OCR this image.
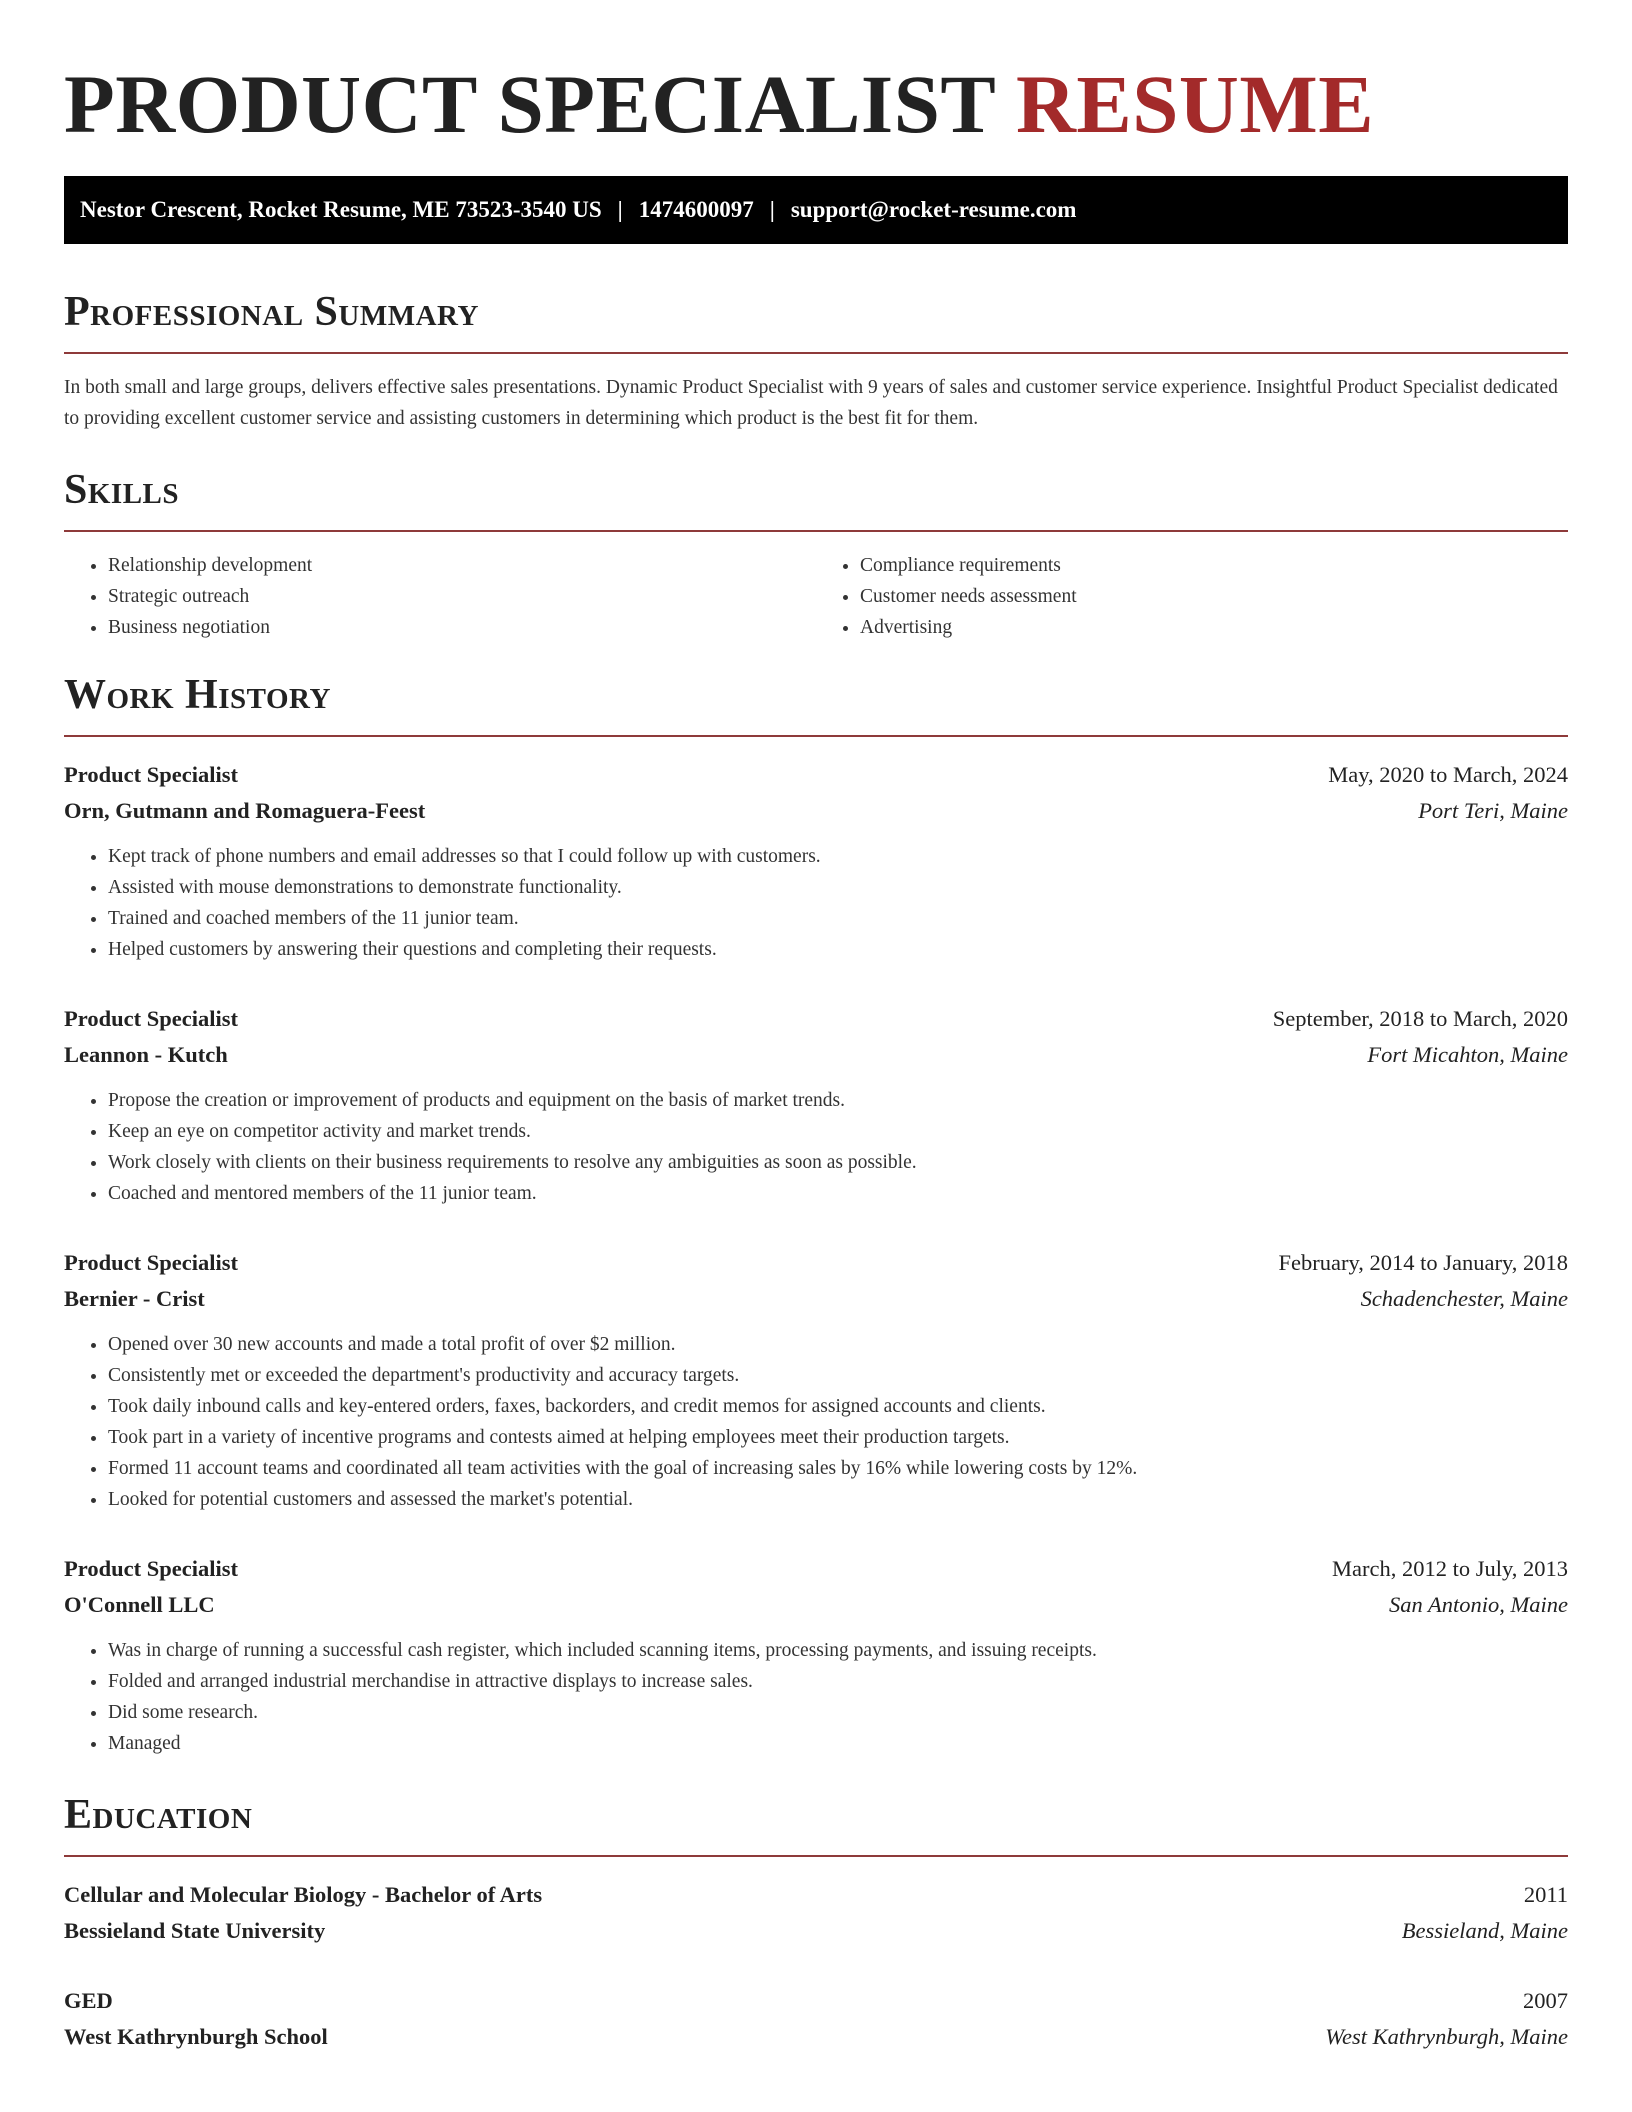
PRODUCT SPECIALIST RESUME
Nestor Crescent, Rocket Resume, ME 73523-3540 US | 1474600097 | support@rocket-resume.com
Professional Summary

In both small and large groups, delivers effective sales presentations. Dynamic Product Specialist with 9 years of sales and customer service experience. Insightful Product Specialist dedicated to providing excellent customer service and assisting customers in determining which product is the best fit for them.

Skills
• Relationship development
• Strategic outreach
• Business negotiation
• Compliance requirements
• Customer needs assessment
• Advertising
Work History
Product Specialist	May, 2020 to March, 2024
Orn, Gutmann and Romaguera-Feest	Port Teri, Maine
• Kept track of phone numbers and email addresses so that I could follow up with customers.
• Assisted with mouse demonstrations to demonstrate functionality.
• Trained and coached members of the 11 junior team.
• Helped customers by answering their questions and completing their requests.
Product Specialist	September, 2018 to March, 2020
Leannon - Kutch	Fort Micahton, Maine
• Propose the creation or improvement of products and equipment on the basis of market trends.
• Keep an eye on competitor activity and market trends.
• Work closely with clients on their business requirements to resolve any ambiguities as soon as possible.
• Coached and mentored members of the 11 junior team.
Product Specialist	February, 2014 to January, 2018
Bernier - Crist	Schadenchester, Maine
• Opened over 30 new accounts and made a total profit of over $2 million.
• Consistently met or exceeded the department's productivity and accuracy targets.
• Took daily inbound calls and key-entered orders, faxes, backorders, and credit memos for assigned accounts and clients.
• Took part in a variety of incentive programs and contests aimed at helping employees meet their production targets.
• Formed 11 account teams and coordinated all team activities with the goal of increasing sales by 16% while lowering costs by 12%.
• Looked for potential customers and assessed the market's potential.
Product Specialist	March, 2012 to July, 2013
O'Connell LLC	San Antonio, Maine
• Was in charge of running a successful cash register, which included scanning items, processing payments, and issuing receipts.
• Folded and arranged industrial merchandise in attractive displays to increase sales.
• Did some research.
• Managed
Education
Cellular and Molecular Biology - Bachelor of Arts	2011
Bessieland State University	Bessieland, Maine
GED	2007
West Kathrynburgh School	West Kathrynburgh, Maine
